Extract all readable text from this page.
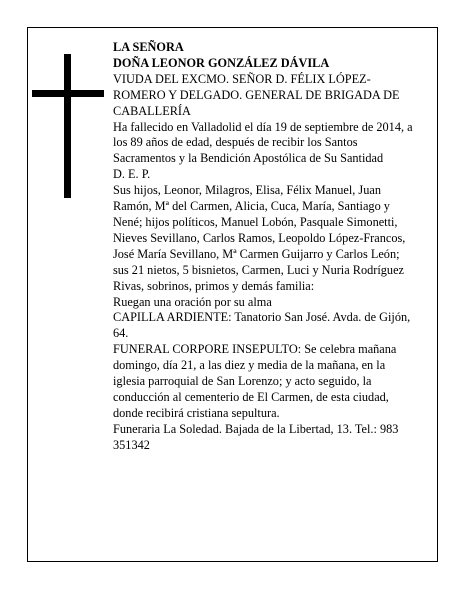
LA SEÑORA

DOÑA LEONOR GONZÁLEZ DÁVILA

VIUDA DEL EXCMO. SEÑOR D. FÉLIX LÓPEZ-ROMERO Y DELGADO. GENERAL DE BRIGADA DE CABALLERÍA

Ha fallecido en Valladolid el día 19 de septiembre de 2014, a los 89 años de edad, después de recibir los Santos Sacramentos y la Bendición Apostólica de Su Santidad

D. E. P.

Sus hijos, Leonor, Milagros, Elisa, Félix Manuel, Juan Ramón, Mª del Carmen, Alicia, Cuca, María, Santiago y Nené; hijos políticos, Manuel Lobón, Pasquale Simonetti, Nieves Sevillano, Carlos Ramos, Leopoldo López-Francos, José María Sevillano, Mª Carmen Guijarro y Carlos León; sus 21 nietos, 5 bisnietos, Carmen, Luci y Nuria Rodríguez Rivas, sobrinos, primos y demás familia:

Ruegan una oración por su alma

CAPILLA ARDIENTE: Tanatorio San José. Avda. de Gijón, 64.

FUNERAL CORPORE INSEPULTO: Se celebra mañana domingo, día 21, a las diez y media de la mañana, en la iglesia parroquial de San Lorenzo; y acto seguido, la conducción al cementerio de El Carmen, de esta ciudad, donde recibirá cristiana sepultura.

Funeraria La Soledad. Bajada de la Libertad, 13. Tel.: 983 351342
